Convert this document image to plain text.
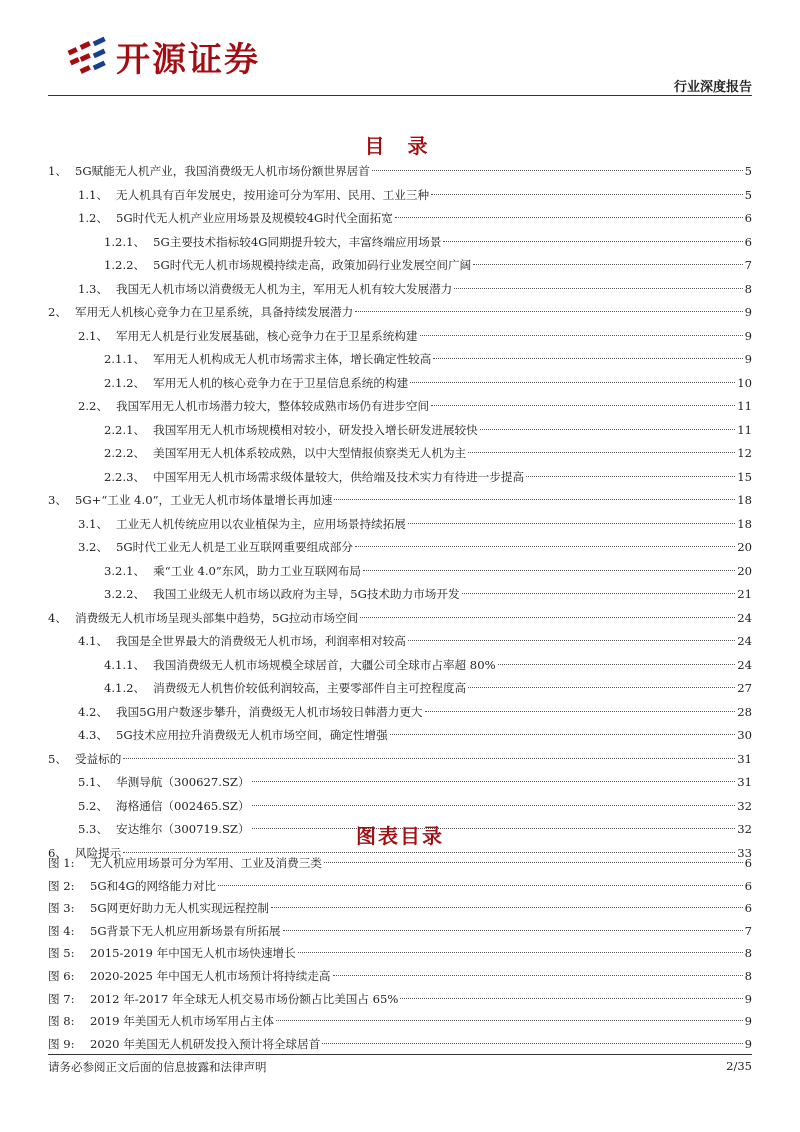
开源证券
行业深度报告
目 录
1、 5G赋能无人机产业，我国消费级无人机市场份额世界居首	5
1.1、 无人机具有百年发展史，按用途可分为军用、民用、工业三种	5
1.2、 5G时代无人机产业应用场景及规模较4G时代全面拓宽	6
1.2.1、 5G主要技术指标较4G同期提升较大，丰富终端应用场景	6
1.2.2、 5G时代无人机市场规模持续走高，政策加码行业发展空间广阔	7
1.3、 我国无人机市场以消费级无人机为主，军用无人机有较大发展潜力	8
2、 军用无人机核心竞争力在卫星系统，具备持续发展潜力	9
2.1、 军用无人机是行业发展基础，核心竞争力在于卫星系统构建	9
2.1.1、 军用无人机构成无人机市场需求主体，增长确定性较高	9
2.1.2、 军用无人机的核心竞争力在于卫星信息系统的构建	10
2.2、 我国军用无人机市场潜力较大，整体较成熟市场仍有进步空间	11
2.2.1、 我国军用无人机市场规模相对较小，研发投入增长研发进展较快	11
2.2.2、 美国军用无人机体系较成熟，以中大型情报侦察类无人机为主	12
2.2.3、 中国军用无人机市场需求级体量较大，供给端及技术实力有待进一步提高	15
3、 5G+“工业 4.0”，工业无人机市场体量增长再加速	18
3.1、 工业无人机传统应用以农业植保为主，应用场景持续拓展	18
3.2、 5G时代工业无人机是工业互联网重要组成部分	20
3.2.1、 乘“工业 4.0”东风，助力工业互联网布局	20
3.2.2、 我国工业级无人机市场以政府为主导，5G技术助力市场开发	21
4、 消费级无人机市场呈现头部集中趋势，5G拉动市场空间	24
4.1、 我国是全世界最大的消费级无人机市场，利润率相对较高	24
4.1.1、 我国消费级无人机市场规模全球居首，大疆公司全球市占率超 80%	24
4.1.2、 消费级无人机售价较低利润较高，主要零部件自主可控程度高	27
4.2、 我国5G用户数逐步攀升，消费级无人机市场较日韩潜力更大	28
4.3、 5G技术应用拉升消费级无人机市场空间，确定性增强	30
5、 受益标的	31
5.1、 华测导航（300627.SZ）	31
5.2、 海格通信（002465.SZ）	32
5.3、 安达维尔（300719.SZ）	32
6、 风险提示	33
图表目录
图 1:	无人机应用场景可分为军用、工业及消费三类	6
图 2:	5G和4G的网络能力对比	6
图 3:	5G网更好助力无人机实现远程控制	6
图 4:	5G背景下无人机应用新场景有所拓展	7
图 5:	2015-2019 年中国无人机市场快速增长	8
图 6:	2020-2025 年中国无人机市场预计将持续走高	8
图 7:	2012 年-2017 年全球无人机交易市场份额占比美国占 65%	9
图 8:	2019 年美国无人机市场军用占主体	9
图 9:	2020 年美国无人机研发投入预计将全球居首	9
请务必参阅正文后面的信息披露和法律声明	2/35
